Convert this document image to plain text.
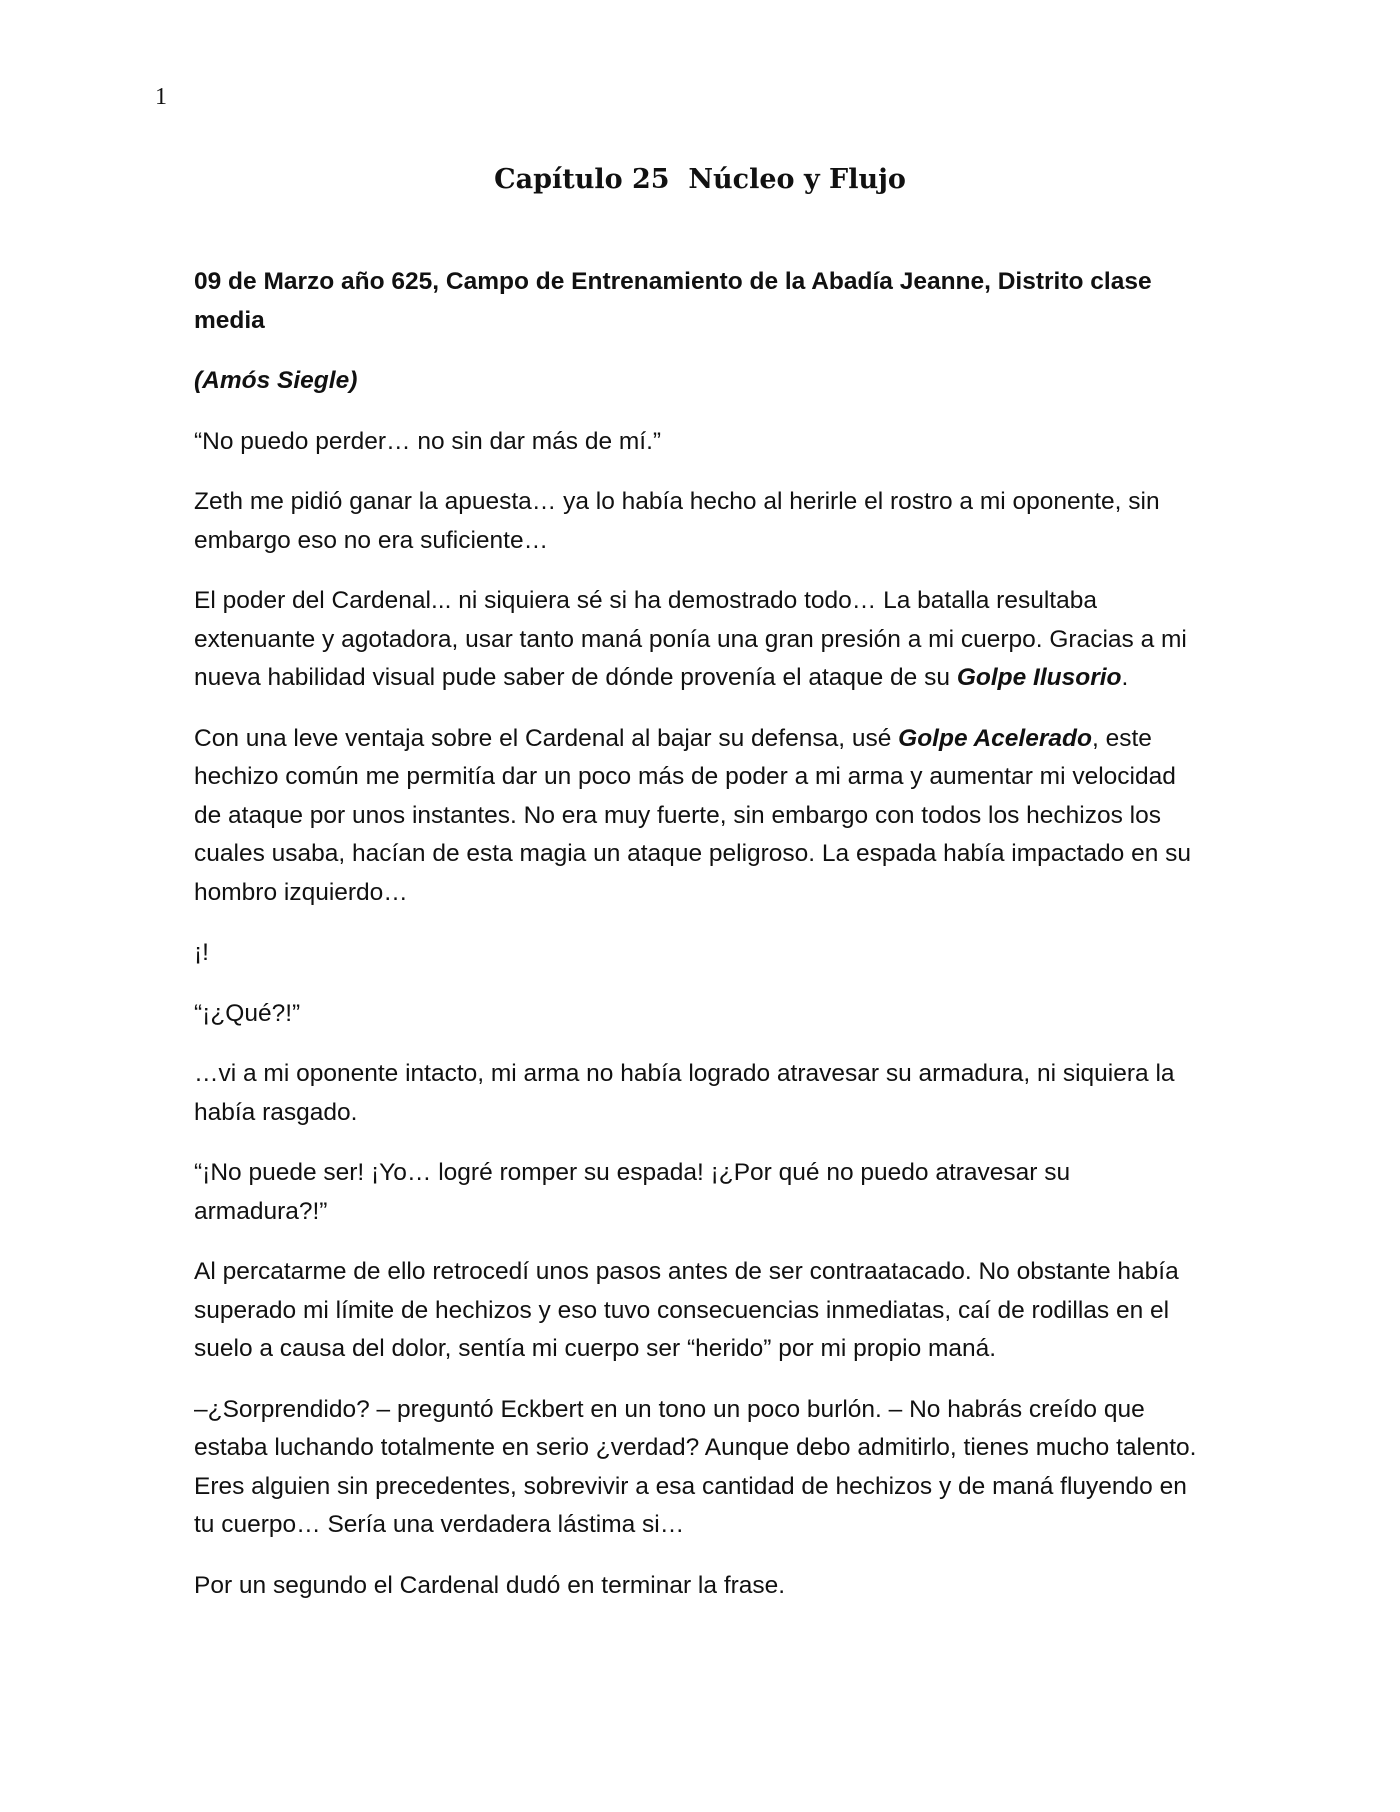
1
Capítulo 25  Núcleo y Flujo

09 de Marzo año 625, Campo de Entrenamiento de la Abadía Jeanne, Distrito clase media

(Amós Siegle)

“No puedo perder… no sin dar más de mí.”

Zeth me pidió ganar la apuesta… ya lo había hecho al herirle el rostro a mi oponente, sin embargo eso no era suficiente…

El poder del Cardenal... ni siquiera sé si ha demostrado todo… La batalla resultaba extenuante y agotadora, usar tanto maná ponía una gran presión a mi cuerpo. Gracias a mi nueva habilidad visual pude saber de dónde provenía el ataque de su Golpe Ilusorio.

Con una leve ventaja sobre el Cardenal al bajar su defensa, usé Golpe Acelerado, este hechizo común me permitía dar un poco más de poder a mi arma y aumentar mi velocidad de ataque por unos instantes. No era muy fuerte, sin embargo con todos los hechizos los cuales usaba, hacían de esta magia un ataque peligroso. La espada había impactado en su hombro izquierdo…

¡!

“¡¿Qué?!”

…vi a mi oponente intacto, mi arma no había logrado atravesar su armadura, ni siquiera la había rasgado.

“¡No puede ser! ¡Yo… logré romper su espada! ¡¿Por qué no puedo atravesar su armadura?!”

Al percatarme de ello retrocedí unos pasos antes de ser contraatacado. No obstante había superado mi límite de hechizos y eso tuvo consecuencias inmediatas, caí de rodillas en el suelo a causa del dolor, sentía mi cuerpo ser “herido” por mi propio maná.

–¿Sorprendido? – preguntó Eckbert en un tono un poco burlón. – No habrás creído que estaba luchando totalmente en serio ¿verdad? Aunque debo admitirlo, tienes mucho talento. Eres alguien sin precedentes, sobrevivir a esa cantidad de hechizos y de maná fluyendo en tu cuerpo… Sería una verdadera lástima si…

Por un segundo el Cardenal dudó en terminar la frase.
